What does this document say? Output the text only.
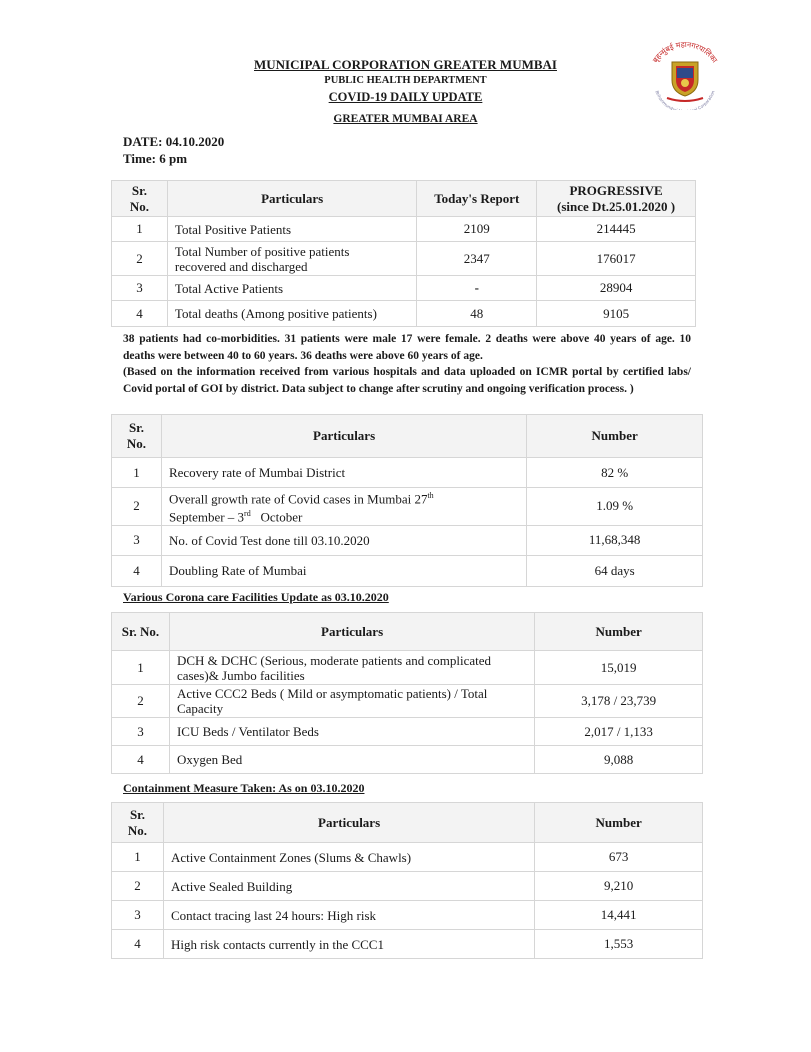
MUNICIPAL CORPORATION GREATER MUMBAI
PUBLIC HEALTH DEPARTMENT
COVID-19 DAILY UPDATE
GREATER MUMBAI AREA
बृहन्मुंबई महानगरपालिका
Brihanmumba al Corporation
DATE: 04.10.2020
Time: 6 pm
Sr.
No.	Particulars	Today's Report	PROGRESSIVE
(since Dt.25.01.2020 )
1	Total Positive Patients	2109	214445
2	Total Number of positive patients
recovered and discharged	2347	176017
3	Total Active Patients	-	28904
4	Total deaths (Among positive patients)	48	9105
38 patients had co-morbidities. 31 patients were male 17 were female. 2 deaths were above 40 years of age. 10 deaths were between 40 to 60 years. 36 deaths were above 60 years of age.
(Based on the information received from various hospitals and data uploaded on ICMR portal by certified labs/ Covid portal of GOI by district. Data subject to change after scrutiny and ongoing verification process. )
Sr.
No.	Particulars	Number
1	Recovery rate of Mumbai District	82 %
2	Overall growth rate of Covid cases in Mumbai 27th
September – 3rd October	1.09 %
3	No. of Covid Test done till 03.10.2020	11,68,348
4	Doubling Rate of Mumbai	64 days
Various Corona care Facilities Update as 03.10.2020
Sr. No.	Particulars	Number
1	DCH & DCHC (Serious, moderate patients and complicated
cases)& Jumbo facilities	15,019
2	Active CCC2 Beds ( Mild or asymptomatic patients) / Total
Capacity	3,178 / 23,739
3	ICU Beds / Ventilator Beds	2,017 / 1,133
4	Oxygen Bed	9,088
Containment Measure Taken: As on 03.10.2020
Sr.
No.	Particulars	Number
1	Active Containment Zones (Slums & Chawls)	673
2	Active Sealed Building	9,210
3	Contact tracing last 24 hours: High risk	14,441
4	High risk contacts currently in the CCC1	1,553
